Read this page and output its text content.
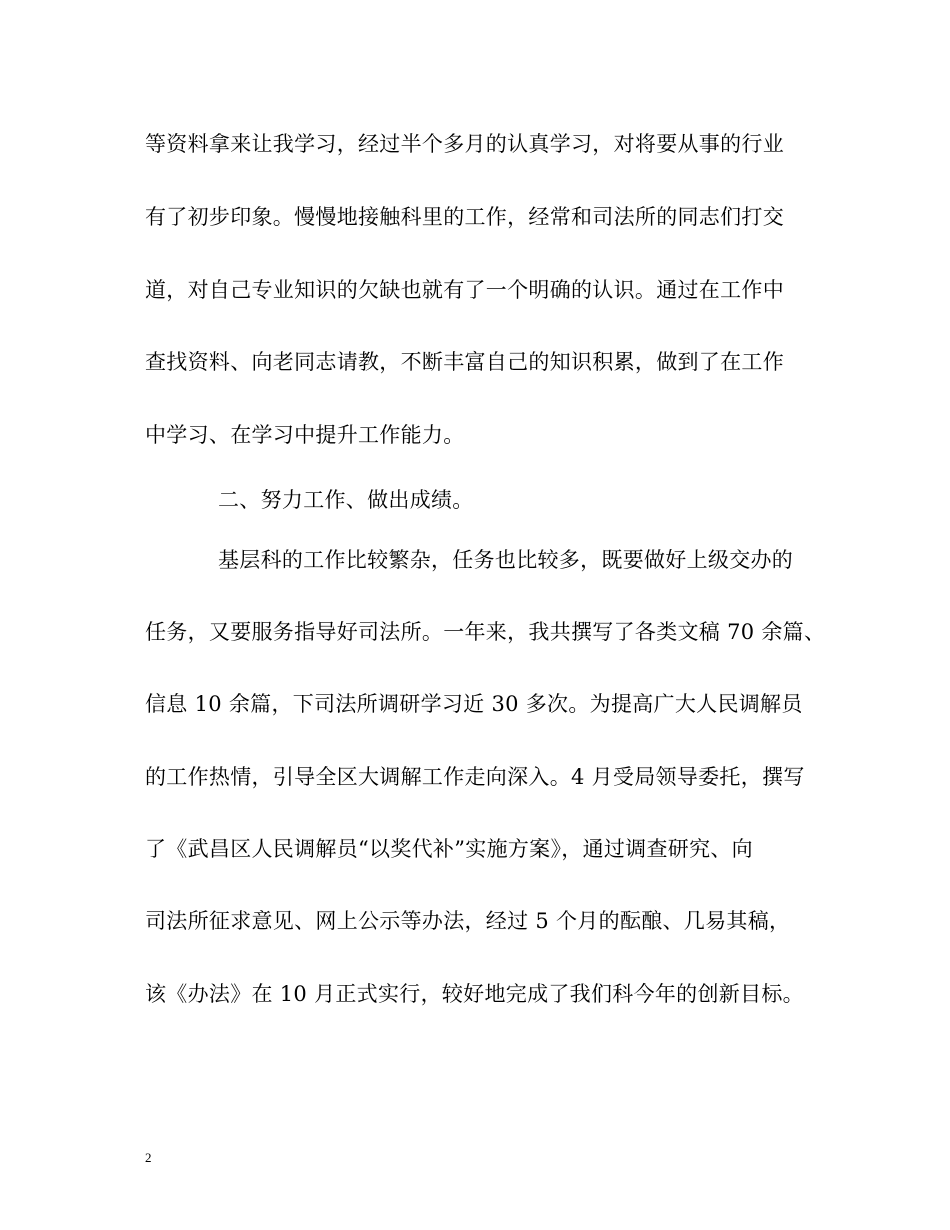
等资料拿来让我学习，经过半个多月的认真学习，对将要从事的行业
有了初步印象。慢慢地接触科里的工作，经常和司法所的同志们打交
道，对自己专业知识的欠缺也就有了一个明确的认识。通过在工作中
查找资料、向老同志请教，不断丰富自己的知识积累，做到了在工作
中学习、在学习中提升工作能力。
二、努力工作、做出成绩。
基层科的工作比较繁杂，任务也比较多，既要做好上级交办的
任务，又要服务指导好司法所。一年来，我共撰写了各类文稿 70 余篇、
信息 10 余篇，下司法所调研学习近 30 多次。为提高广大人民调解员
的工作热情，引导全区大调解工作走向深入。4 月受局领导委托，撰写
了《武昌区人民调解员“以奖代补”实施方案》，通过调查研究、向
司法所征求意见、网上公示等办法，经过 5 个月的酝酿、几易其稿，
该《办法》在 10 月正式实行，较好地完成了我们科今年的创新目标。
2
